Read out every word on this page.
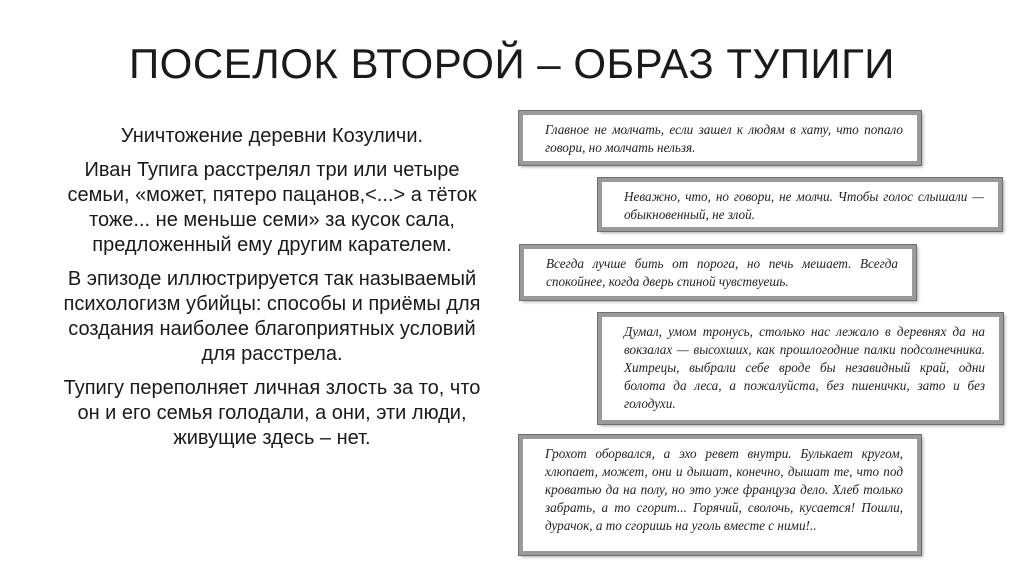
ПОСЕЛОК ВТОРОЙ – ОБРАЗ ТУПИГИ

Уничтожение деревни Козуличи.

Иван Тупига расстрелял три или четыре семьи, «может, пятеро пацанов,<...> а тёток тоже... не меньше семи» за кусок сала, предложенный ему другим карателем.

В эпизоде иллюстрируется так называемый психологизм убийцы: способы и приёмы для создания наиболее благоприятных условий для расстрела.

Тупигу переполняет личная злость за то, что он и его семья голодали, а они, эти люди, живущие здесь – нет.

Главное не молчать, если зашел к людям в хату, что попало говори, но молчать нельзя.
Неважно, что, но говори, не молчи. Чтобы голос слышали — обыкновенный, не злой.
Всегда лучше бить от порога, но печь мешает. Всегда спокойнее, когда дверь спиной чувствуешь.
Думал, умом тронусь, столько нас лежало в деревнях да на вокзалах — высохших, как прошлогодние палки подсолнечника. Хитрецы, выбрали себе вроде бы незавидный край, одни болота да леса, а пожалуйста, без пшенички, зато и без голодухи.
Грохот оборвался, а эхо ревет внутри. Булькает кругом, хлюпает, может, они и дышат, конечно, дышат те, что под кроватью да на полу, но это уже француза дело. Хлеб только забрать, а то сгорит... Горячий, сволочь, кусается! Пошли, дурачок, а то сгоришь на уголь вместе с ними!..
